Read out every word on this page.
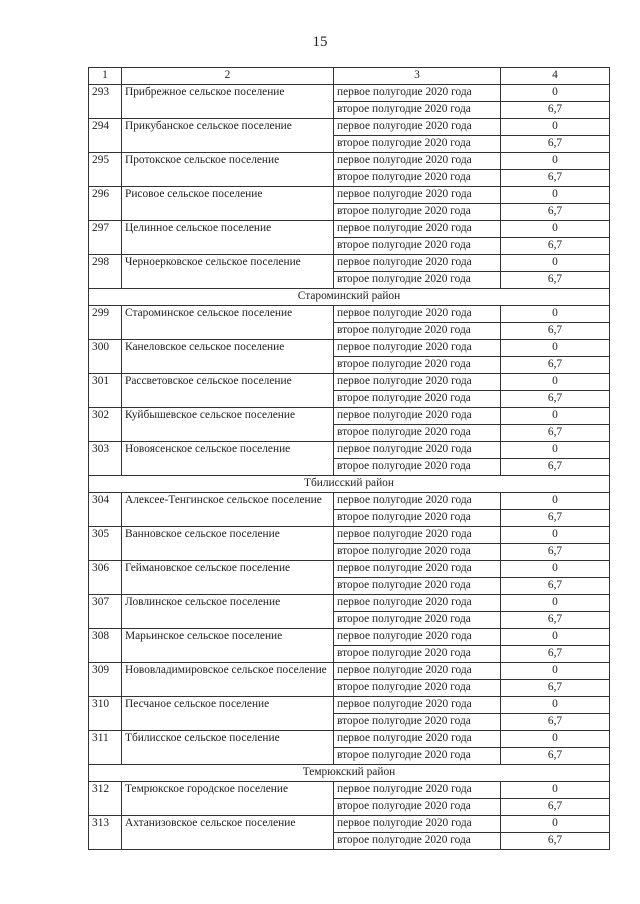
15
1	2	3	4
293	Прибрежное сельское поселение	первое полугодие 2020 года	0
		второе полугодие 2020 года	6,7
294	Прикубанское сельское поселение	первое полугодие 2020 года	0
		второе полугодие 2020 года	6,7
295	Протокское сельское поселение	первое полугодие 2020 года	0
		второе полугодие 2020 года	6,7
296	Рисовое сельское поселение	первое полугодие 2020 года	0
		второе полугодие 2020 года	6,7
297	Целинное сельское поселение	первое полугодие 2020 года	0
		второе полугодие 2020 года	6,7
298	Черноерковское сельское поселение	первое полугодие 2020 года	0
		второе полугодие 2020 года	6,7
Староминский район			
299	Староминское сельское поселение	первое полугодие 2020 года	0
		второе полугодие 2020 года	6,7
300	Канеловское сельское поселение	первое полугодие 2020 года	0
		второе полугодие 2020 года	6,7
301	Рассветовское сельское поселение	первое полугодие 2020 года	0
		второе полугодие 2020 года	6,7
302	Куйбышевское сельское поселение	первое полугодие 2020 года	0
		второе полугодие 2020 года	6,7
303	Новоясенское сельское поселение	первое полугодие 2020 года	0
		второе полугодие 2020 года	6,7
Тбилисский район			
304	Алексее-Тенгинское сельское поселение	первое полугодие 2020 года	0
		второе полугодие 2020 года	6,7
305	Ванновское сельское поселение	первое полугодие 2020 года	0
		второе полугодие 2020 года	6,7
306	Геймановское сельское поселение	первое полугодие 2020 года	0
		второе полугодие 2020 года	6,7
307	Ловлинское сельское поселение	первое полугодие 2020 года	0
		второе полугодие 2020 года	6,7
308	Марьинское сельское поселение	первое полугодие 2020 года	0
		второе полугодие 2020 года	6,7
309	Нововладимировское сельское поселение	первое полугодие 2020 года	0
		второе полугодие 2020 года	6,7
310	Песчаное сельское поселение	первое полугодие 2020 года	0
		второе полугодие 2020 года	6,7
311	Тбилисское сельское поселение	первое полугодие 2020 года	0
		второе полугодие 2020 года	6,7
Темрюкский район			
312	Темрюкское городское поселение	первое полугодие 2020 года	0
		второе полугодие 2020 года	6,7
313	Ахтанизовское сельское поселение	первое полугодие 2020 года	0
		второе полугодие 2020 года	6,7
